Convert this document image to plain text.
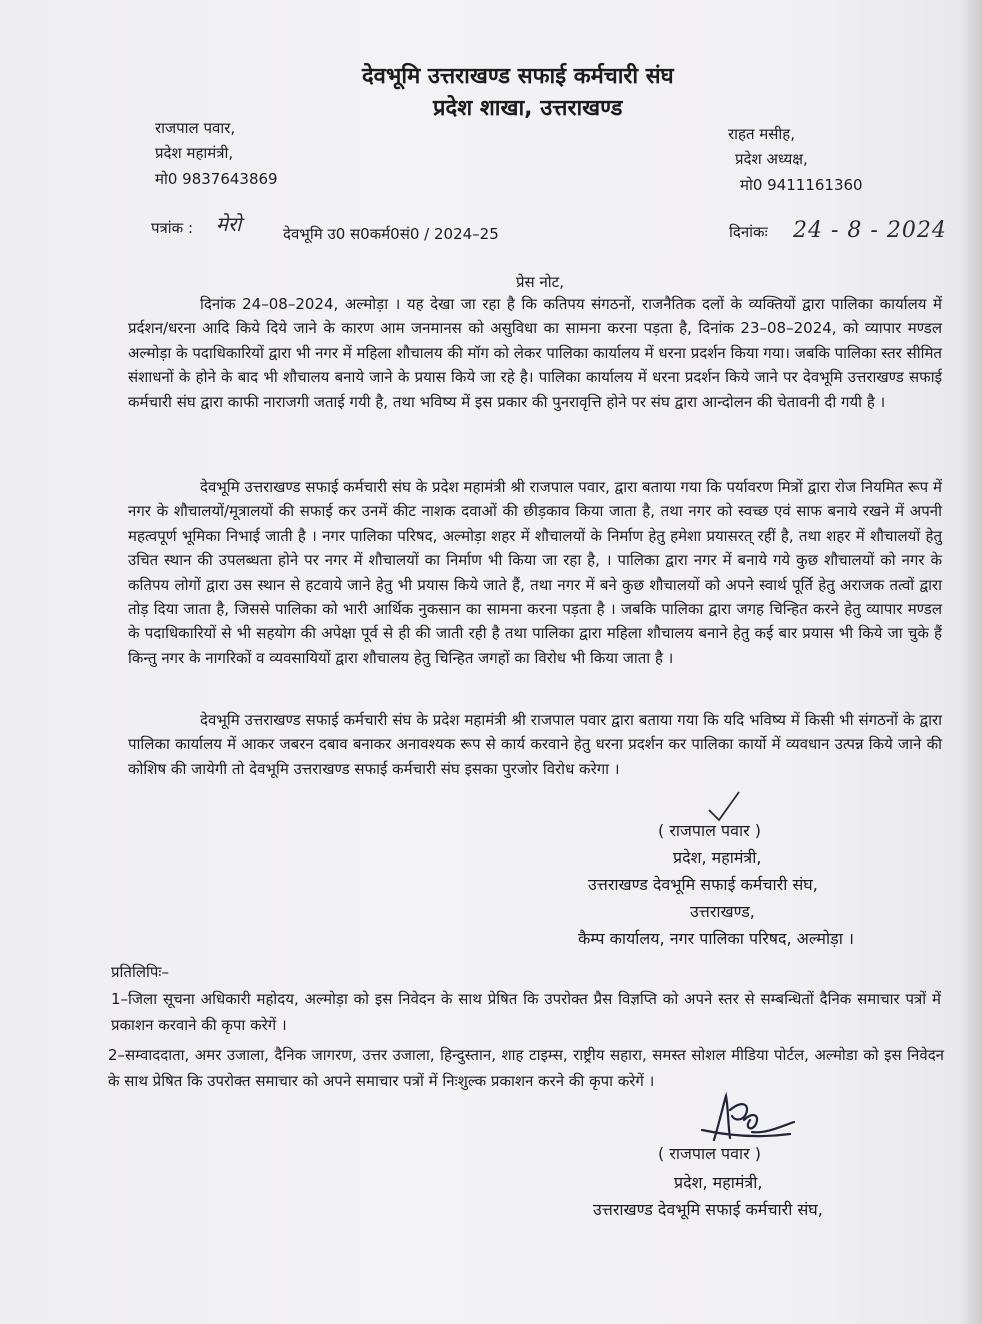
देवभूमि उत्तराखण्ड सफाई कर्मचारी संघ
प्रदेश शाखा, उत्तराखण्ड
राजपाल पवार,
प्रदेश महामंत्री,
मो0 9837643869
राहत मसीह,
प्रदेश अध्यक्ष,
मो0 9411161360
पत्रांक : मेरो	देवभूमि उ0 स0कर्म0सं0 / 2024–25	दिनांकः 24 - 8 - 2024
प्रेस नोट,
दिनांक 24–08–2024, अल्मोड़ा । यह देखा जा रहा है कि कतिपय संगठनों, राजनैतिक दलों के व्यक्तियों द्वारा पालिका कार्यालय में प्रर्दशन/धरना आदि किये दिये जाने के कारण आम जनमानस को असुविधा का सामना करना पड़ता है, दिनांक 23–08–2024, को व्यापार मण्डल अल्मोड़ा के पदाधिकारियों द्वारा भी नगर में महिला शौचालय की मॉग को लेकर पालिका कार्यालय में धरना प्रदर्शन किया गया। जबकि पालिका स्तर सीमित संशाधनों के होने के बाद भी शौचालय बनाये जाने के प्रयास किये जा रहे है। पालिका कार्यालय में धरना प्रदर्शन किये जाने पर देवभूमि उत्तराखण्ड सफाई कर्मचारी संघ द्वारा काफी नाराजगी जताई गयी है, तथा भविष्य में इस प्रकार की पुनरावृत्ति होने पर संघ द्वारा आन्दोलन की चेतावनी दी गयी है ।
देवभूमि उत्तराखण्ड सफाई कर्मचारी संघ के प्रदेश महामंत्री श्री राजपाल पवार, द्वारा बताया गया कि पर्यावरण मित्रों द्वारा रोज नियमित रूप में नगर के शौचालयों/मूत्रालयों की सफाई कर उनमें कीट नाशक दवाओं की छीड़काव किया जाता है, तथा नगर को स्वच्छ एवं साफ बनाये रखने में अपनी महत्वपूर्ण भूमिका निभाई जाती है । नगर पालिका परिषद, अल्मोड़ा शहर में शौचालयों के निर्माण हेतु हमेशा प्रयासरत् रहीं है, तथा शहर में शौचालयों हेतु उचित स्थान की उपलब्धता होने पर नगर में शौचालयों का निर्माण भी किया जा रहा है, । पालिका द्वारा नगर में बनाये गये कुछ शौचालयों को नगर के कतिपय लोगों द्वारा उस स्थान से हटवाये जाने हेतु भी प्रयास किये जाते हैं, तथा नगर में बने कुछ शौचालयों को अपने स्वार्थ पूर्ति हेतु अराजक तत्वों द्वारा तोड़ दिया जाता है, जिससे पालिका को भारी आर्थिक नुकसान का सामना करना पड़ता है । जबकि पालिका द्वारा जगह चिन्हित करने हेतु व्यापार मण्डल के पदाधिकारियों से भी सहयोग की अपेक्षा पूर्व से ही की जाती रही है तथा पालिका द्वारा महिला शौचालय बनाने हेतु कई बार प्रयास भी किये जा चुके हैं किन्तु नगर के नागरिकों व व्यवसायियों द्वारा शौचालय हेतु चिन्हित जगहों का विरोध भी किया जाता है ।
देवभूमि उत्तराखण्ड सफाई कर्मचारी संघ के प्रदेश महामंत्री श्री राजपाल पवार द्वारा बताया गया कि यदि भविष्य में किसी भी संगठनों के द्वारा पालिका कार्यालय में आकर जबरन दबाव बनाकर अनावश्यक रूप से कार्य करवाने हेतु धरना प्रदर्शन कर पालिका कार्यो में व्यवधान उत्पन्न किये जाने की कोशिष की जायेगी तो देवभूमि उत्तराखण्ड सफाई कर्मचारी संघ इसका पुरजोर विरोध करेगा ।
( राजपाल पवार )
प्रदेश, महामंत्री,
उत्तराखण्ड देवभूमि सफाई कर्मचारी संघ,
उत्तराखण्ड,
कैम्प कार्यालय, नगर पालिका परिषद, अल्मोड़ा ।
प्रतिलिपिः–
1–जिला सूचना अधिकारी महोदय, अल्मोड़ा को इस निवेदन के साथ प्रेषित कि उपरोक्त प्रैस विज्ञप्ति को अपने स्तर से सम्बन्धितों दैनिक समाचार पत्रों में प्रकाशन करवाने की कृपा करेगें ।
2–सम्वाददाता, अमर उजाला, दैनिक जागरण, उत्तर उजाला, हिन्दुस्तान, शाह टाइम्स, राष्ट्रीय सहारा, समस्त सोशल मीडिया पोर्टल, अल्मोडा को इस निवेदन के साथ प्रेषित कि उपरोक्त समाचार को अपने समाचार पत्रों में निःशुल्क प्रकाशन करने की कृपा करेगें ।
( राजपाल पवार )
प्रदेश, महामंत्री,
उत्तराखण्ड देवभूमि सफाई कर्मचारी संघ,
